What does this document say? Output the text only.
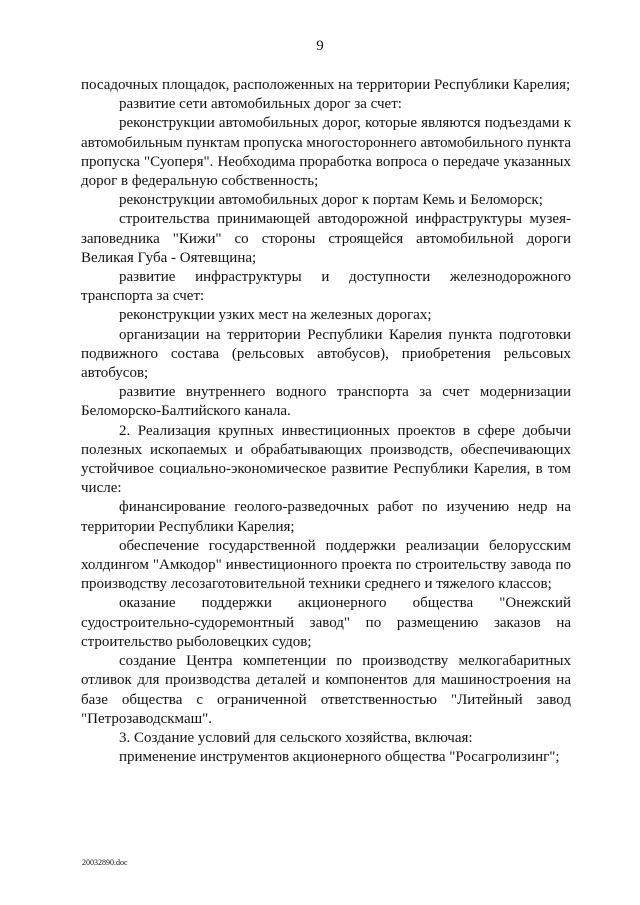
9

посадочных площадок, расположенных на территории Республики Карелия;

развитие сети автомобильных дорог за счет:

реконструкции автомобильных дорог, которые являются подъездами к автомобильным пунктам пропуска многостороннего автомобильного пункта пропуска "Суоперя". Необходима проработка вопроса о передаче указанных дорог в федеральную собственность;

реконструкции автомобильных дорог к портам Кемь и Беломорск;

строительства принимающей автодорожной инфраструктуры музея-заповедника "Кижи" со стороны строящейся автомобильной дороги Великая Губа - Оятевщина;

развитие инфраструктуры и доступности железнодорожного транспорта за счет:

реконструкции узких мест на железных дорогах;

организации на территории Республики Карелия пункта подготовки подвижного состава (рельсовых автобусов), приобретения рельсовых автобусов;

развитие внутреннего водного транспорта за счет модернизации Беломорско-Балтийского канала.

2. Реализация крупных инвестиционных проектов в сфере добычи полезных ископаемых и обрабатывающих производств, обеспечивающих устойчивое социально-экономическое развитие Республики Карелия, в том числе:

финансирование геолого-разведочных работ по изучению недр на территории Республики Карелия;

обеспечение государственной поддержки реализации белорусским холдингом "Амкодор" инвестиционного проекта по строительству завода по производству лесозаготовительной техники среднего и тяжелого классов;

оказание поддержки акционерного общества "Онежский судостроительно-судоремонтный завод" по размещению заказов на строительство рыболовецких судов;

создание Центра компетенции по производству мелкогабаритных отливок для производства деталей и компонентов для машиностроения на базе общества с ограниченной ответственностью "Литейный завод "Петрозаводскмаш".

3. Создание условий для сельского хозяйства, включая:

применение инструментов акционерного общества "Росагролизинг";

20032890.doc
